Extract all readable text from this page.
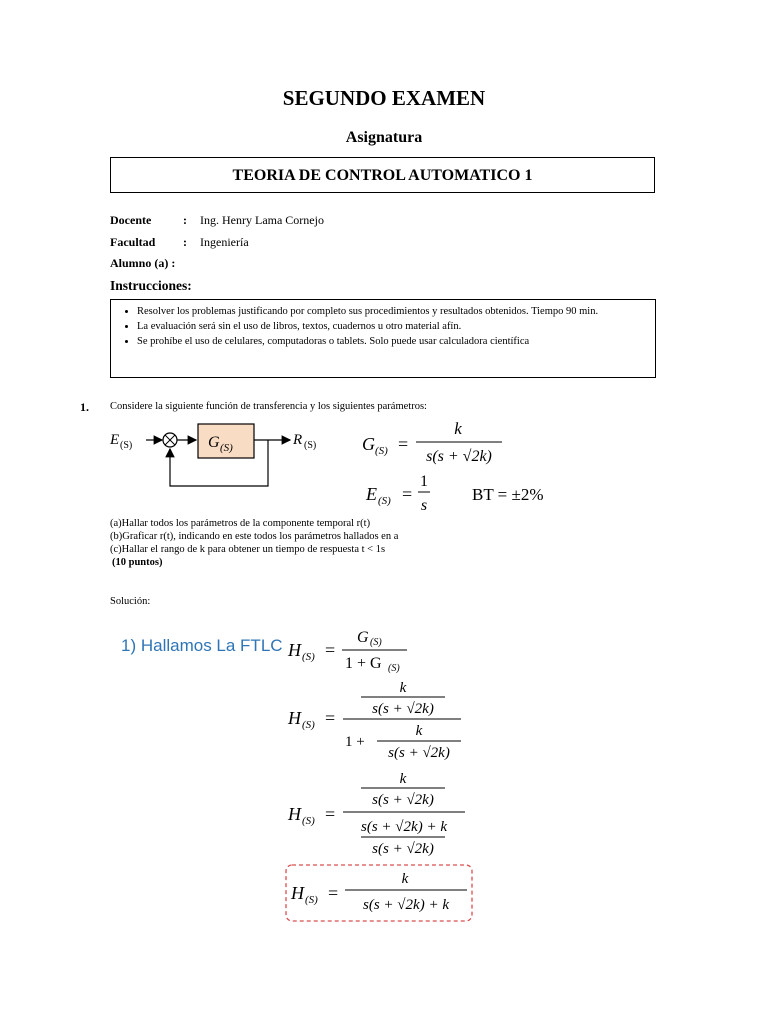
SEGUNDO EXAMEN
Asignatura
TEORIA DE CONTROL AUTOMATICO 1
Docente	: Ing. Henry Lama Cornejo
Facultad : Ingeniería
Alumno (a) :
Instrucciones:
• Resolver los problemas justificando por completo sus procedimientos y resultados obtenidos. Tiempo 90 min.
• La evaluación será sin el uso de libros, textos, cuadernos u otro material afín.
• Se prohíbe el uso de celulares, computadoras o tablets. Solo puede usar calculadora científica
1. Considere la siguiente función de transferencia y los siguientes parámetros:
E (S)	G (S)	R (S)	G (S) =
k
s(s + √2k)
E (S) =
1
s
BT = ±2%
(a)Hallar todos los parámetros de la componente temporal r(t)
(b)Graficar r(t), indicando en este todos los parámetros hallados en a
(c)Hallar el rango de k para obtener un tiempo de respuesta t < 1s
(10 puntos)
Solución:
1) Hallamos La FTLC H (S) =
G (S)
1 + G (S)
H (S) =
k
s(s + √2k)
1 +
k
s(s + √2k)
H (S) =
k
s(s + √2k)
s(s + √2k) + k
s(s + √2k)
H (S) =
k
s(s + √2k) + k
